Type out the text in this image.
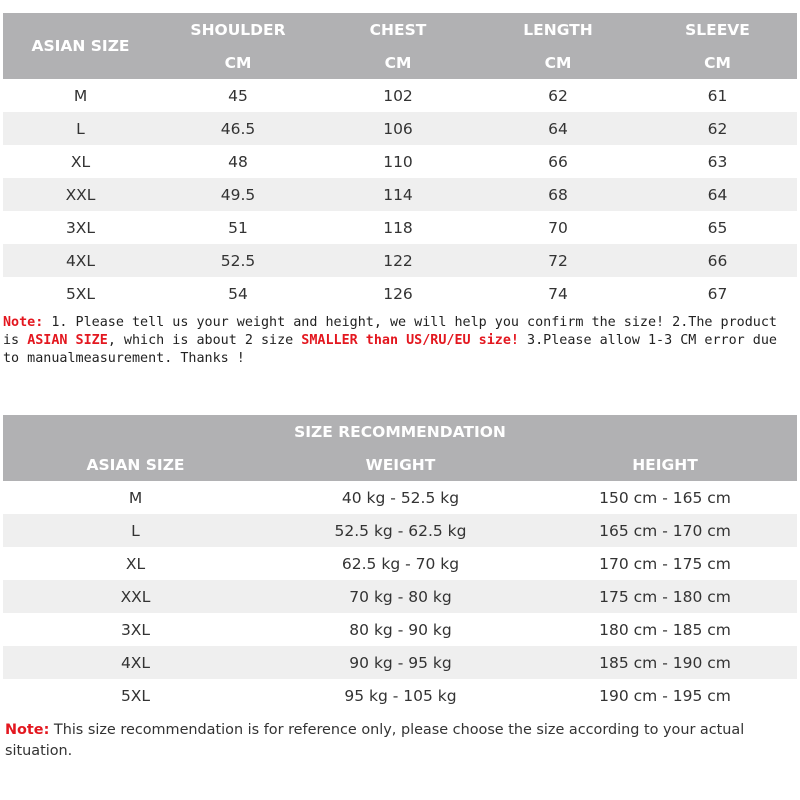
ASIAN SIZE
SHOULDER	CHEST	LENGTH	SLEEVE
CM	CM	CM	CM
M	45	102	62	61
L	46.5	106	64	62
XL	48	110	66	63
XXL	49.5	114	68	64
3XL	51	118	70	65
4XL	52.5	122	72	66
5XL	54	126	74	67
Note: 1. Please tell us your weight and height, we will help you confirm the size! 2.The product is ASIAN SIZE, which is about 2 size SMALLER than US/RU/EU size! 3.Please allow 1-3 CM error due to manualmeasurement. Thanks !
SIZE RECOMMENDATION
ASIAN SIZE	WEIGHT	HEIGHT
M	40 kg - 52.5 kg	150 cm - 165 cm
L	52.5 kg - 62.5 kg	165 cm - 170 cm
XL	62.5 kg - 70 kg	170 cm - 175 cm
XXL	70 kg - 80 kg	175 cm - 180 cm
3XL	80 kg - 90 kg	180 cm - 185 cm
4XL	90 kg - 95 kg	185 cm - 190 cm
5XL	95 kg - 105 kg	190 cm - 195 cm
Note: This size recommendation is for reference only, please choose the size according to your actual situation.
